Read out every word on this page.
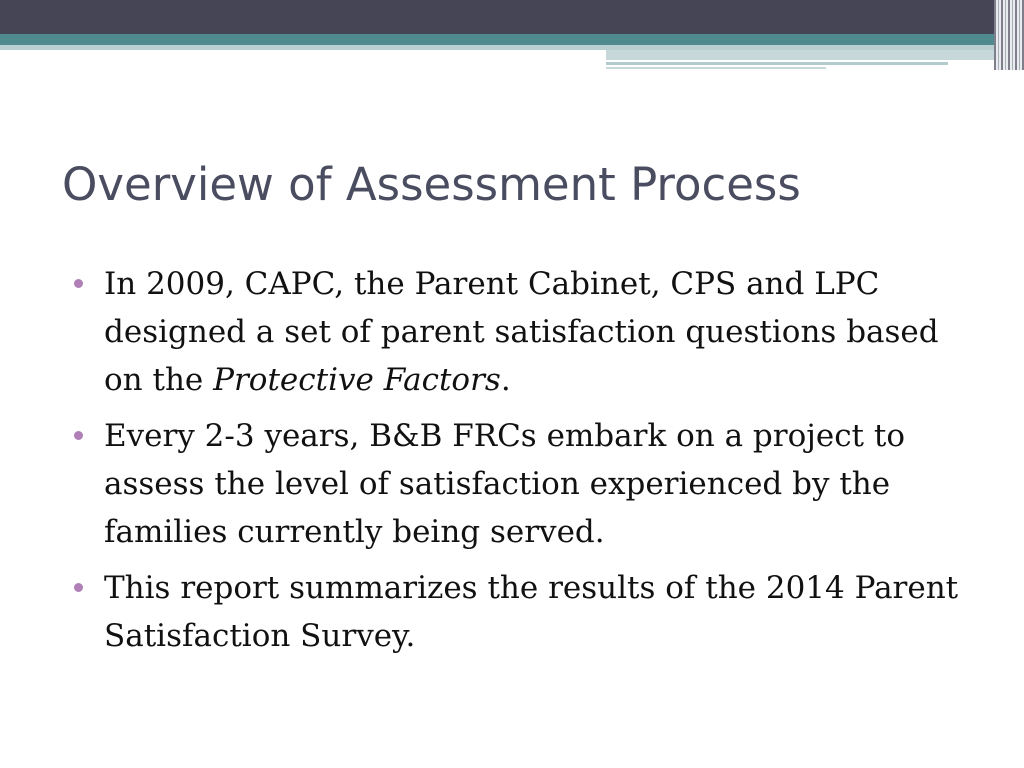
Overview of Assessment Process
In 2009, CAPC, the Parent Cabinet, CPS and LPC designed a set of parent satisfaction questions based on the Protective Factors.
Every 2-3 years, B&B FRCs embark on a project to assess the level of satisfaction experienced by the families currently being served.
This report summarizes the results of the 2014 Parent Satisfaction Survey.
